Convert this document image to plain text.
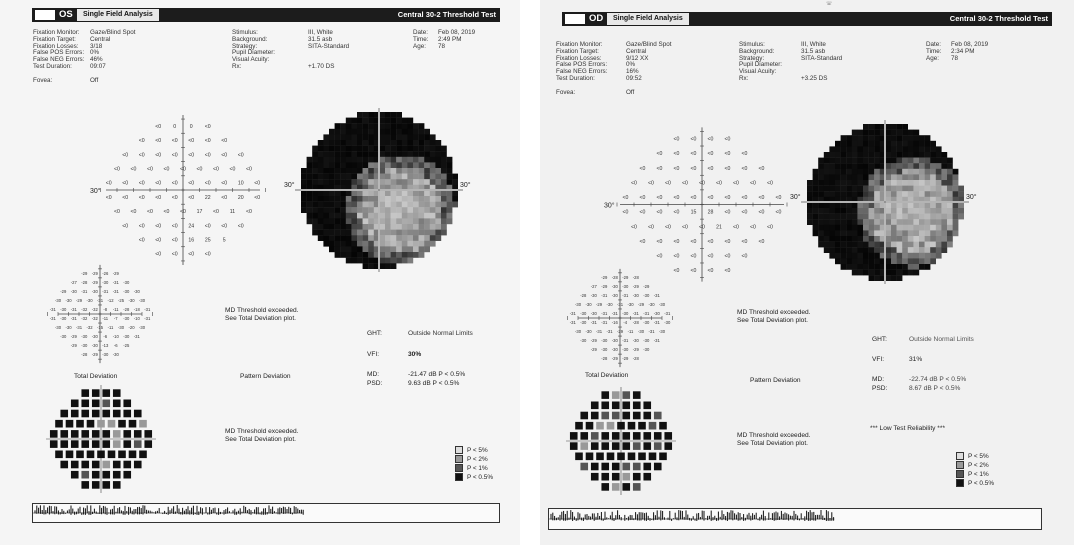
OS	Single Field Analysis	Central 30-2 Threshold Test
Fixation Monitor: Gaze/Blind Spot
Fixation Target: Central
Fixation Losses: 3/18
False POS Errors: 0%
False NEG Errors: 46%
Test Duration:	09:07
Fovea:	Off
Stimulus:	III, White
Background:	31.5 asb
Strategy:	SITA-Standard
Pupil Diameter:
Visual Acuity:
Rx:	+1.70 DS
Date: Feb 08, 2019
Time: 2:49 PM
Age: 78
<0 0	0 <0
<0 <0 <0 <0 <0 <0
<0 <0 <0 <0 <0 <0 <0 <0
<0 <0 <0 <0 <0 <0 <0 <0 <0
<0 <0 <0 <0 <0 <0 <0 <0 10 <0
<0 <0 <0 <0 <0 <0 22 <0 20 <0
<0 <0 <0 <0 <0 17 <0 11 <0
<0 <0 <0 <0 24 <0 <0 <0
<0 <0 <0 16 25 5
<0 <0 <0 <0
30°
30°	30°
-29 -29 -26 -29
-27 -28 -29 -30 -31 -30
-29 -30 -31 -30 -31 -31 -30 -30
-30 -30 -29 -30 -31 -12 -25 -30 -30
-31 -30 -31 -32 -32 -8 -11 -28 -18 -31
-31 -30 -31 -32 -32 -11 -7 -30 -10 -31
-30 -30 -31 -32 -15 -11 -30 -20 -30
-30 -29 -30 -30 -6 -10 -30 -31
-29 -30 -30 -13 -6 -25
-28 -29 -30 -30
Total Deviation	Pattern Deviation
MD Threshold exceeded.
See Total Deviation plot.
MD Threshold exceeded.
See Total Deviation plot.
GHT:	Outside Normal Limits
VFI:	30%
MD:	-21.47 dB P < 0.5%
PSD:	9.63 dB P < 0.5%
P < 5%
P < 2%
P < 1%
P < 0.5%
☏
OD	Single Field Analysis	Central 30-2 Threshold Test
Fixation Monitor:	Gaze/Blind Spot
Fixation Target:	Central
Fixation Losses:	9/12 XX
False POS Errors:	0%
False NEG Errors:	16%
Test Duration:	09:52
Fovea:	Off
Stimulus:	III, White
Background:	31.5 asb
Strategy:	SITA-Standard
Pupil Diameter:
Visual Acuity:
Rx:	+3.25 DS
Date: Feb 08, 2019
Time: 2:34 PM
Age: 78
<0 <0 <0 <0
<0 <0 <0 <0 <0 <0
<0 <0 <0 <0 <0 <0 <0 <0
<0 <0 <0 <0 <0 <0 <0 <0 <0
<0 <0 <0 <0 <0 <0 <0 <0 <0 <0
<0 <0 <0 <0 15 28 <0 <0 <0 <0
<0 <0 <0 <0 <0 21 <0 <0 <0
<0 <0 <0 <0 <0 <0 <0 <0
<0 <0 <0 <0 <0 <0
<0 <0 <0 <0
30°
30°	30°
-29 -28 -29 -28
-27 -29 -30 -30 -29 -29
-28 -30 -31 -30 -31 -30 -30 -31
-30 -30 -29 -30 -31 -30 -29 -30 -30
-31 -30 -30 -31 -31 -30 -31 -31 -30 -31
-31 -30 -31 -31 -16 -4 -28 -30 -31 -30
-30 -30 -31 -31 -29 -11 -30 -31 -30
-30 -29 -30 -30 -31 -30 -30 -31
-29 -30 -30 -30 -29 -30
-28 -29 -29 -28
Total Deviation
Pattern Deviation
MD Threshold exceeded.
See Total Deviation plot.
MD Threshold exceeded.
See Total Deviation plot.
GHT:	Outside Normal Limits
VFI:	31%
MD:	-22.74 dB P < 0.5%
PSD:	8.67 dB P < 0.5%
*** Low Test Reliability ***
P < 5%
P < 2%
P < 1%
P < 0.5%
